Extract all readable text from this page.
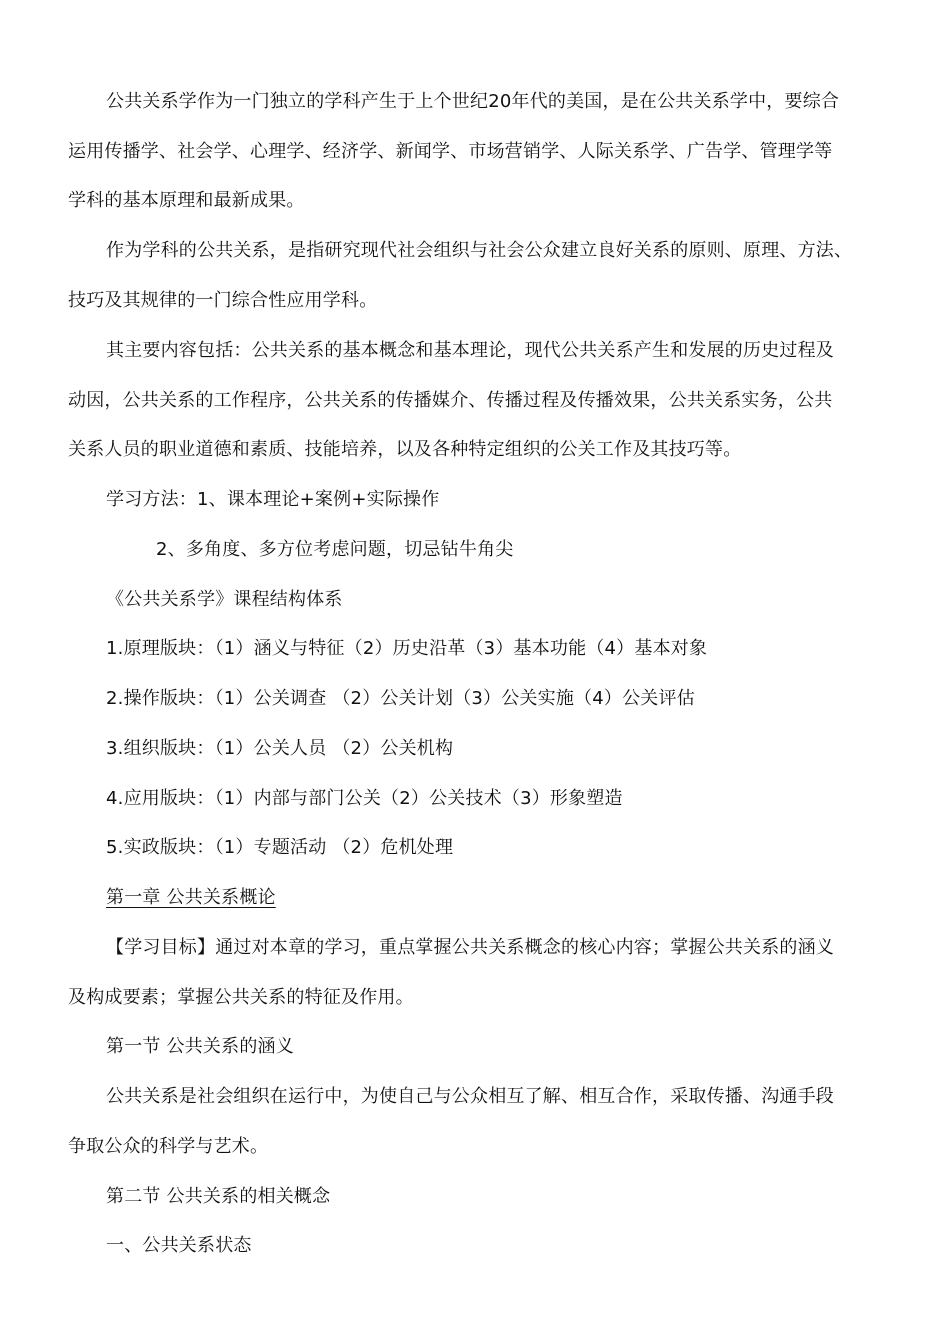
公共关系学作为一门独立的学科产生于上个世纪20年代的美国，是在公共关系学中，要综合
运用传播学、社会学、心理学、经济学、新闻学、市场营销学、人际关系学、广告学、管理学等
学科的基本原理和最新成果。
作为学科的公共关系，是指研究现代社会组织与社会公众建立良好关系的原则、原理、方法、
技巧及其规律的一门综合性应用学科。
其主要内容包括：公共关系的基本概念和基本理论，现代公共关系产生和发展的历史过程及
动因，公共关系的工作程序，公共关系的传播媒介、传播过程及传播效果，公共关系实务，公共
关系人员的职业道德和素质、技能培养，以及各种特定组织的公关工作及其技巧等。
学习方法：1、课本理论+案例+实际操作
2、多角度、多方位考虑问题，切忌钻牛角尖
《公共关系学》课程结构体系
1.原理版块：（1）涵义与特征（2）历史沿革（3）基本功能（4）基本对象
2.操作版块：（1）公关调查 （2）公关计划（3）公关实施（4）公关评估
3.组织版块：（1）公关人员 （2）公关机构
4.应用版块：（1）内部与部门公关（2）公关技术（3）形象塑造
5.实政版块：（1）专题活动 （2）危机处理
第一章 公共关系概论
【学习目标】通过对本章的学习，重点掌握公共关系概念的核心内容；掌握公共关系的涵义
及构成要素；掌握公共关系的特征及作用。
第一节 公共关系的涵义
公共关系是社会组织在运行中，为使自己与公众相互了解、相互合作，采取传播、沟通手段
争取公众的科学与艺术。
第二节 公共关系的相关概念
一、公共关系状态
